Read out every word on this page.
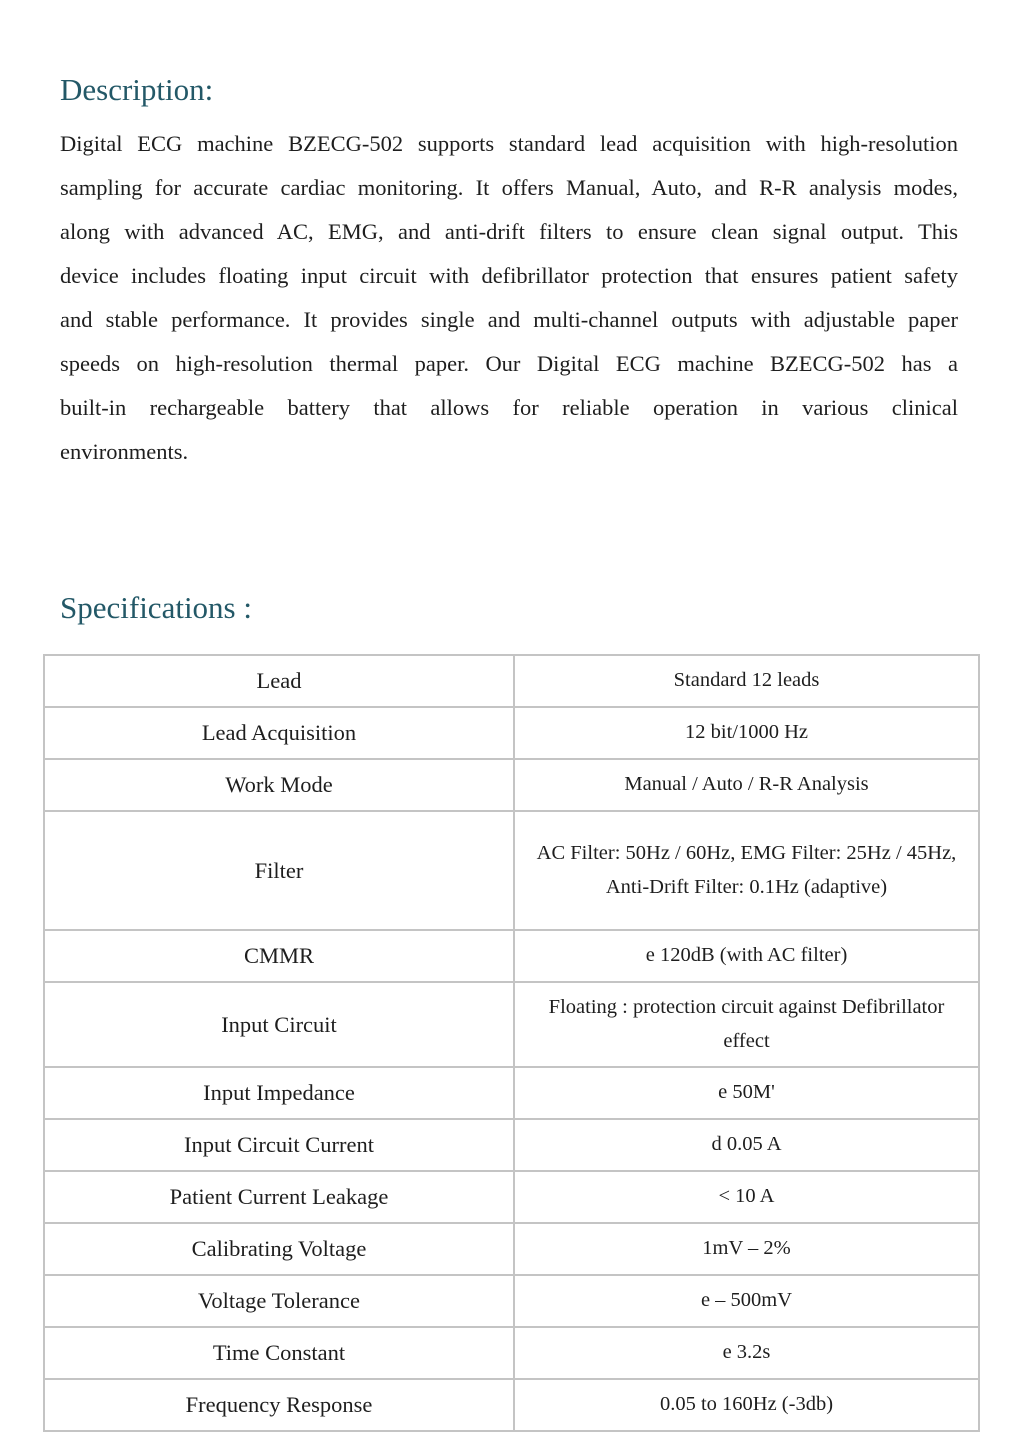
Description:

Digital ECG machine BZECG-502 supports standard lead acquisition with high-resolution sampling for accurate cardiac monitoring. It offers Manual, Auto, and R-R analysis modes, along with advanced AC, EMG, and anti-drift filters to ensure clean signal output. This device includes floating input circuit with defibrillator protection that ensures patient safety and stable performance. It provides single and multi-channel outputs with adjustable paper speeds on high-resolution thermal paper. Our Digital ECG machine BZECG-502 has a built-in rechargeable battery that allows for reliable operation in various clinical environments.

Specifications :
Lead	Standard 12 leads
Lead Acquisition	12 bit/1000 Hz
Work Mode	Manual / Auto / R-R Analysis
Filter	AC Filter: 50Hz / 60Hz, EMG Filter: 25Hz / 45Hz, Anti-Drift Filter: 0.1Hz (adaptive)
CMMR	e 120dB (with AC filter)
Input Circuit	Floating : protection circuit against Defibrillator effect
Input Impedance	e 50M'
Input Circuit Current	d 0.05 A
Patient Current Leakage	< 10 A
Calibrating Voltage	1mV – 2%
Voltage Tolerance	e – 500mV
Time Constant	e 3.2s
Frequency Response	0.05 to 160Hz (-3db)
